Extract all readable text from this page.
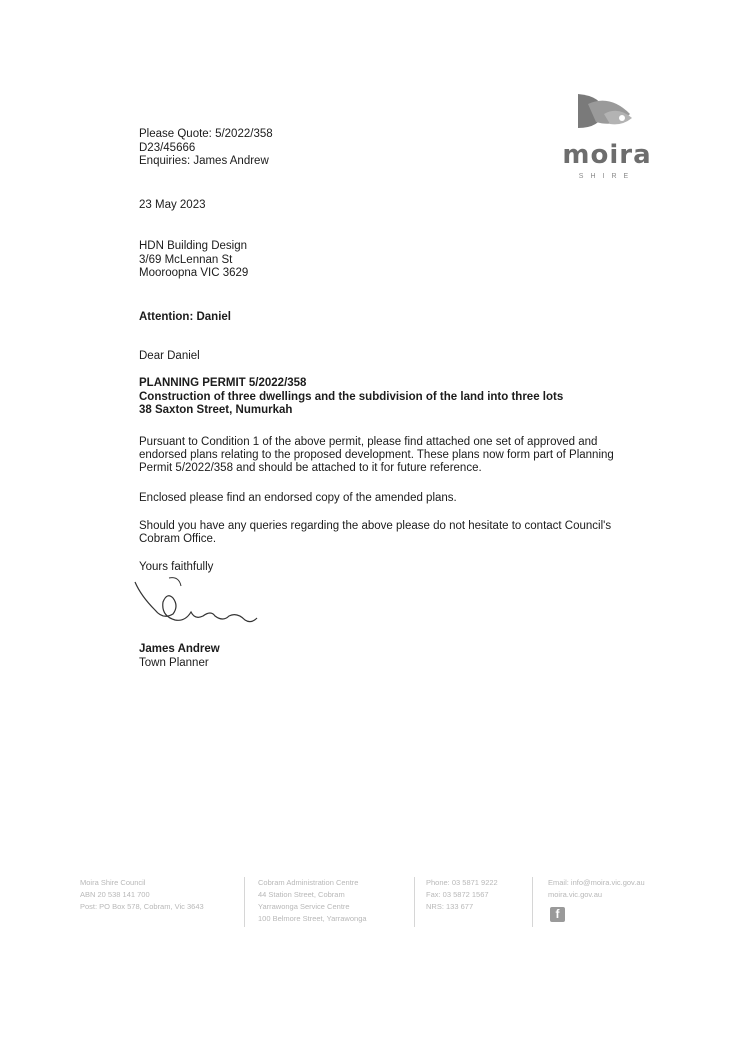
moira
SHIRE
Please Quote: 5/2022/358
D23/45666
Enquiries: James Andrew
23 May 2023
HDN Building Design
3/69 McLennan St
Mooroopna VIC 3629
Attention: Daniel
Dear Daniel
PLANNING PERMIT 5/2022/358
Construction of three dwellings and the subdivision of the land into three lots
38 Saxton Street, Numurkah
Pursuant to Condition 1 of the above permit, please find attached one set of approved and endorsed plans relating to the proposed development. These plans now form part of Planning Permit 5/2022/358 and should be attached to it for future reference.
Enclosed please find an endorsed copy of the amended plans.
Should you have any queries regarding the above please do not hesitate to contact Council's Cobram Office.
Yours faithfully
James Andrew
Town Planner
Moira Shire Council
ABN 20 538 141 700
Post: PO Box 578, Cobram, Vic 3643
Cobram Administration Centre
44 Station Street, Cobram
Yarrawonga Service Centre
100 Belmore Street, Yarrawonga
Phone: 03 5871 9222
Fax: 03 5872 1567
NRS: 133 677
Email: info@moira.vic.gov.au
moira.vic.gov.au
f
